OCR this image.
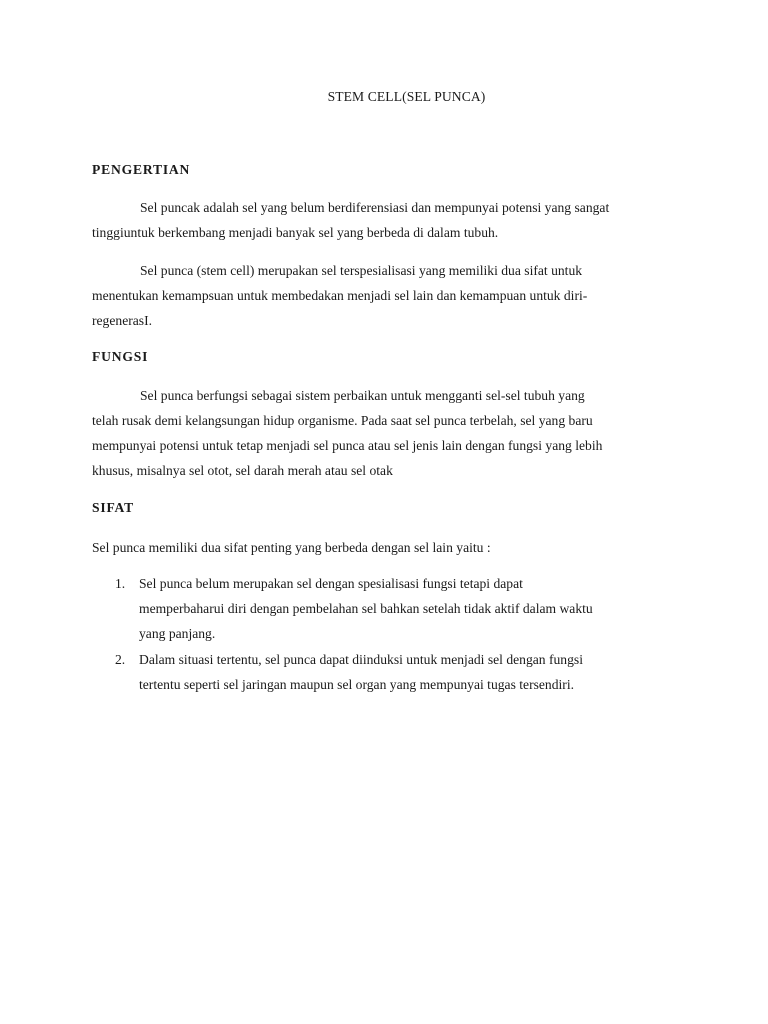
STEM CELL(SEL PUNCA)
PENGERTIAN
Sel puncak adalah sel yang belum berdiferensiasi dan mempunyai potensi yang sangat
tinggiuntuk berkembang menjadi banyak sel yang berbeda di dalam tubuh.
Sel punca (stem cell) merupakan sel terspesialisasi yang memiliki dua sifat untuk
menentukan kemampsuan untuk membedakan menjadi sel lain dan kemampuan untuk diri-
regenerasI.
FUNGSI
Sel punca berfungsi sebagai sistem perbaikan untuk mengganti sel-sel tubuh yang
telah rusak demi kelangsungan hidup organisme. Pada saat sel punca terbelah, sel yang baru
mempunyai potensi untuk tetap menjadi sel punca atau sel jenis lain dengan fungsi yang lebih
khusus, misalnya sel otot, sel darah merah atau sel otak
SIFAT
Sel punca memiliki dua sifat penting yang berbeda dengan sel lain yaitu :
1. Sel punca belum merupakan sel dengan spesialisasi fungsi tetapi dapat
memperbaharui diri dengan pembelahan sel bahkan setelah tidak aktif dalam waktu
yang panjang.
2. Dalam situasi tertentu, sel punca dapat diinduksi untuk menjadi sel dengan fungsi
tertentu seperti sel jaringan maupun sel organ yang mempunyai tugas tersendiri.
